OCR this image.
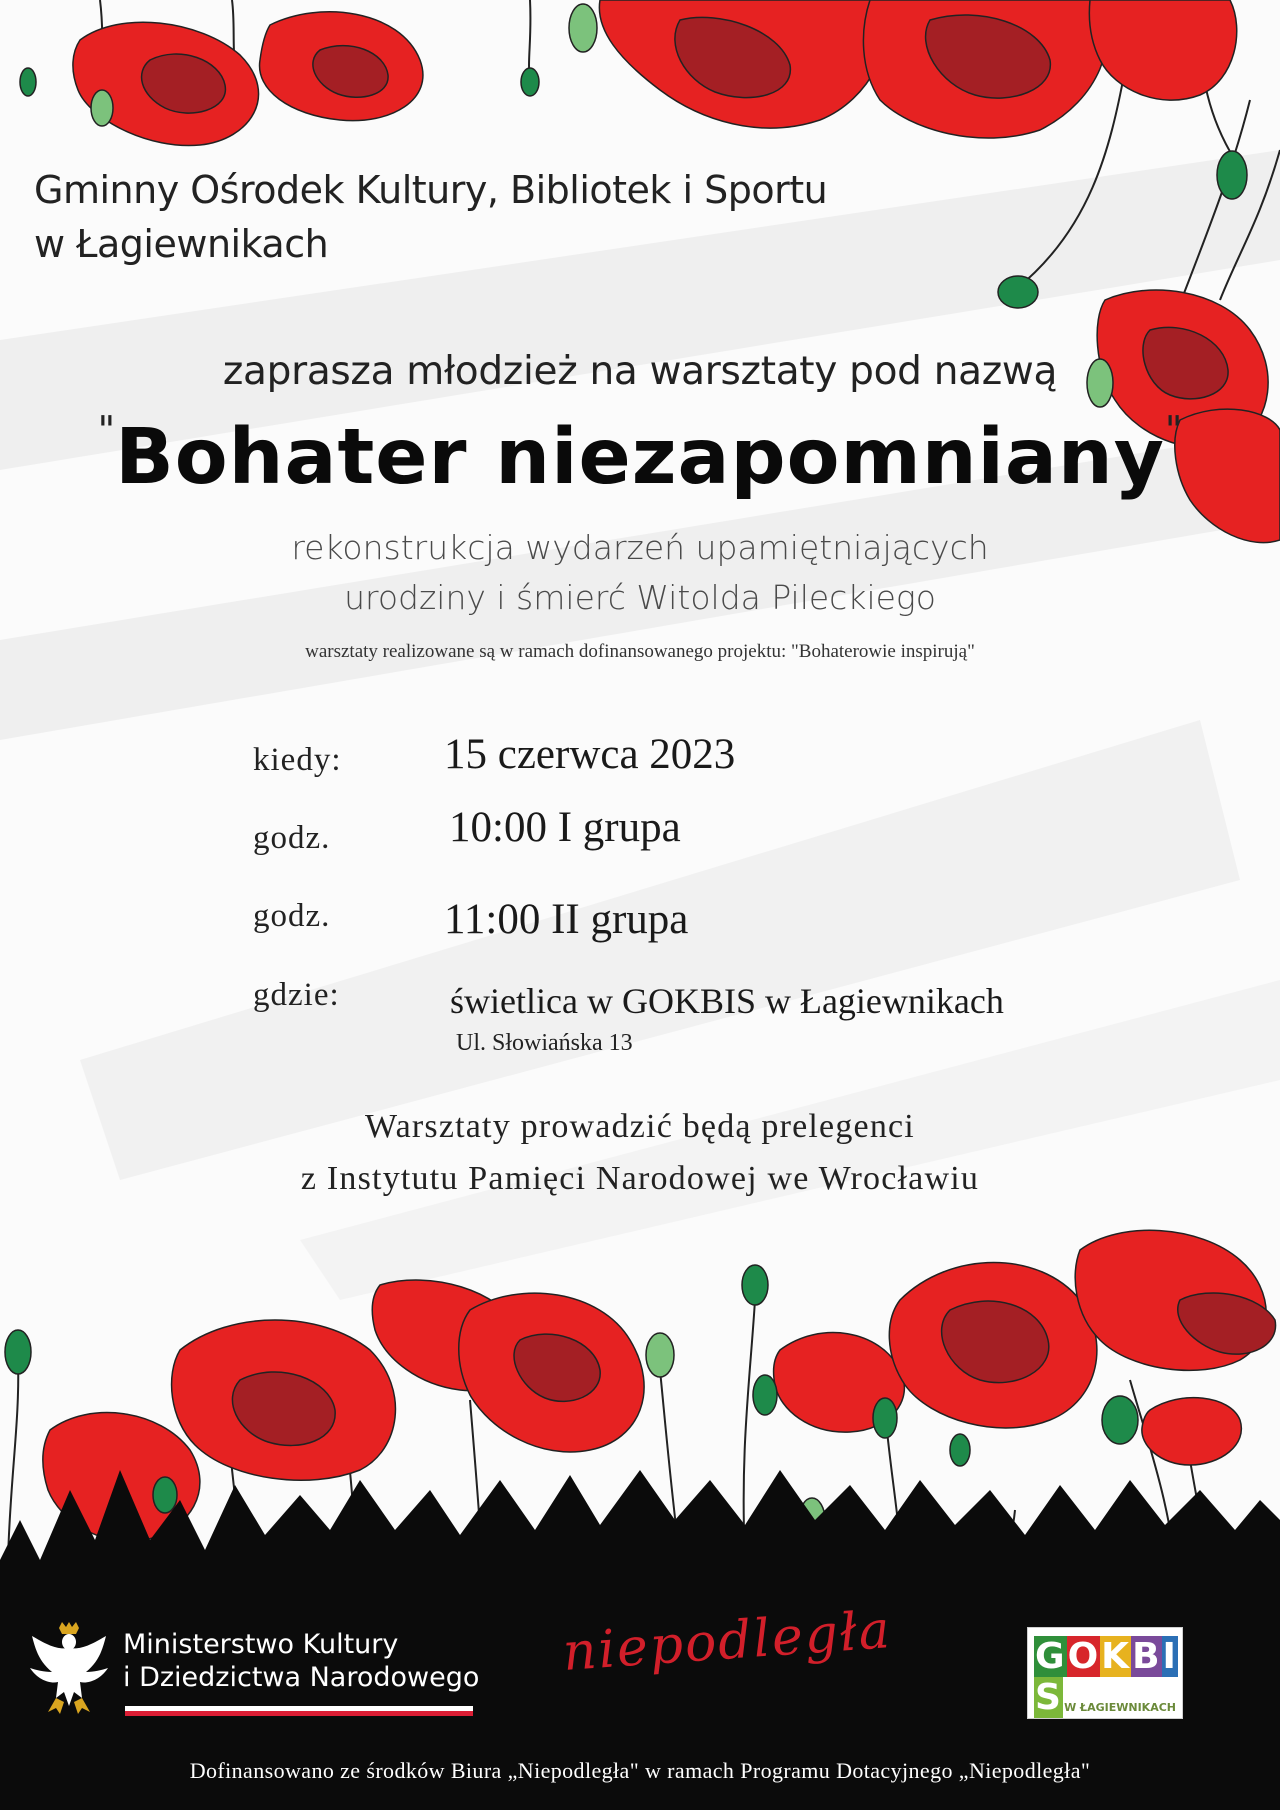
Gminny Ośrodek Kultury, Bibliotek i Sportu
w Łagiewnikach
zaprasza młodzież na warsztaty pod nazwą
"Bohater niezapomniany"
rekonstrukcja wydarzeń upamiętniających
urodziny i śmierć Witolda Pileckiego
warsztaty realizowane są w ramach dofinansowanego projektu: "Bohaterowie inspirują"
kiedy: 15 czerwca 2023
godz.	10:00 I grupa
godz.	11:00 II grupa
gdzie:	świetlica w GOKBIS w Łagiewnikach
Ul. Słowiańska 13
Warsztaty prowadzić będą prelegenci
z Instytutu Pamięci Narodowej we Wrocławiu
Ministerstwo Kultury
i Dziedzictwa Narodowego niepodległa	GOKBIS W ŁAGIEWNIKACH
Dofinansowano ze środków Biura „Niepodległa" w ramach Programu Dotacyjnego „Niepodległa"
